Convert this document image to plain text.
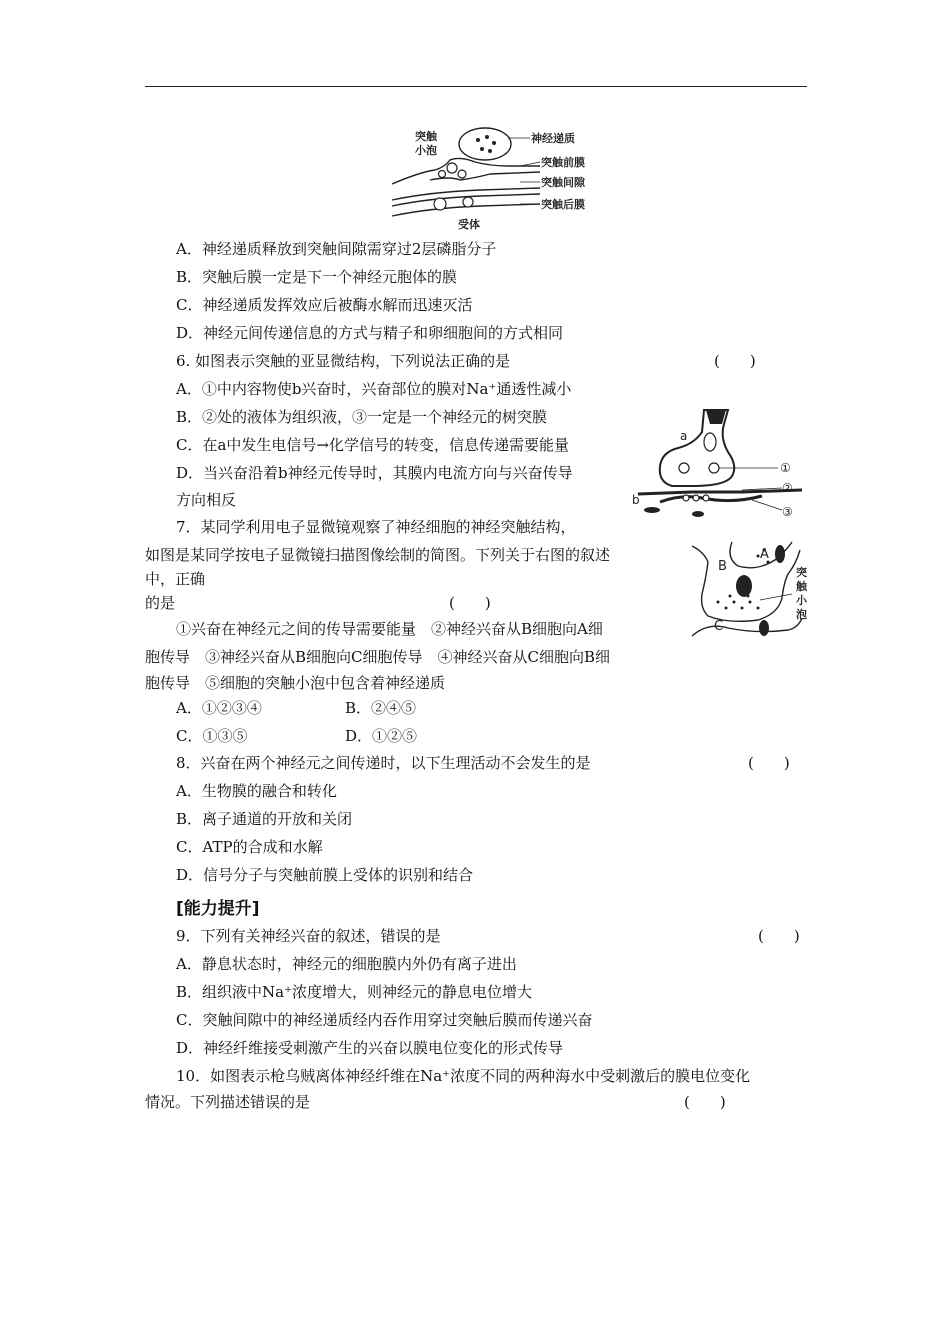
突触
小泡
神经递质
突触前膜
突触间隙
突触后膜
受体
A．神经递质释放到突触间隙需穿过2层磷脂分子
B．突触后膜一定是下一个神经元胞体的膜
C．神经递质发挥效应后被酶水解而迅速灭活
D．神经元间传递信息的方式与精子和卵细胞间的方式相同
6. 如图表示突触的亚显微结构，下列说法正确的是	(　　)
A．①中内容物使b兴奋时，兴奋部位的膜对Na⁺通透性减小
B．②处的液体为组织液，③一定是一个神经元的树突膜
C．在a中发生电信号→化学信号的转变，信息传递需要能量
D．当兴奋沿着b神经元传导时，其膜内电流方向与兴奋传导
方向相反
a
b
①
②
③
7．某同学利用电子显微镜观察了神经细胞的神经突触结构，
如图是某同学按电子显微镜扫描图像绘制的简图。下列关于右图的叙述
中，正确
的是	(　　)
①兴奋在神经元之间的传导需要能量　②神经兴奋从B细胞向A细
胞传导　③神经兴奋从B细胞向C细胞传导　④神经兴奋从C细胞向B细
胞传导　⑤细胞的突触小泡中包含着神经递质
A．①②③④	B．②④⑤
C．①③⑤	D．①②⑤
A
B
C
突
触
小
泡
8．兴奋在两个神经元之间传递时，以下生理活动不会发生的是	(　　)
A．生物膜的融合和转化
B．离子通道的开放和关闭
C．ATP的合成和水解
D．信号分子与突触前膜上受体的识别和结合
[能力提升]
9．下列有关神经兴奋的叙述，错误的是	(　　)
A．静息状态时，神经元的细胞膜内外仍有离子进出
B．组织液中Na⁺浓度增大，则神经元的静息电位增大
C．突触间隙中的神经递质经内吞作用穿过突触后膜而传递兴奋
D．神经纤维接受刺激产生的兴奋以膜电位变化的形式传导
10．如图表示枪乌贼离体神经纤维在Na⁺浓度不同的两种海水中受刺激后的膜电位变化
情况。下列描述错误的是	(　　)
